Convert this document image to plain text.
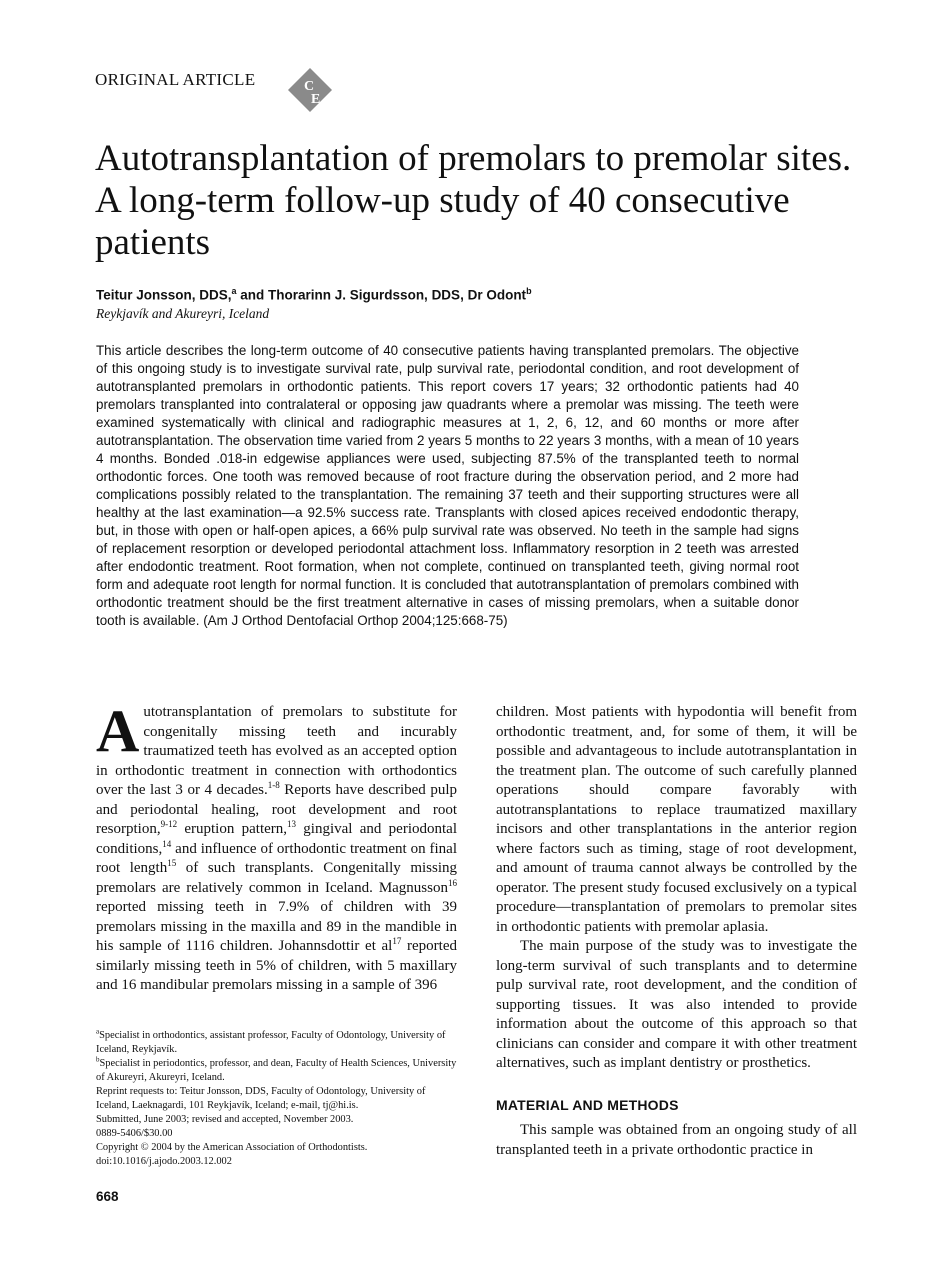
ORIGINAL ARTICLE	C
E
Autotransplantation of premolars to premolar sites. A long-term follow-up study of 40 consecutive patients
Teitur Jonsson, DDS,$^a$ and Thorarinn J. Sigurdsson, DDS, Dr Odont$^b$
Reykjavík and Akureyri, Iceland

This article describes the long-term outcome of 40 consecutive patients having transplanted premolars. The objective of this ongoing study is to investigate survival rate, pulp survival rate, periodontal condition, and root development of autotransplanted premolars in orthodontic patients. This report covers 17 years; 32 orthodontic patients had 40 premolars transplanted into contralateral or opposing jaw quadrants where a premolar was missing. The teeth were examined systematically with clinical and radiographic measures at 1, 2, 6, 12, and 60 months or more after autotransplantation. The observation time varied from 2 years 5 months to 22 years 3 months, with a mean of 10 years 4 months. Bonded .018-in edgewise appliances were used, subjecting 87.5% of the transplanted teeth to normal orthodontic forces. One tooth was removed because of root fracture during the observation period, and 2 more had complications possibly related to the transplantation. The remaining 37 teeth and their supporting structures were all healthy at the last examination—a 92.5% success rate. Transplants with closed apices received endodontic therapy, but, in those with open or half-open apices, a 66% pulp survival rate was observed. No teeth in the sample had signs of replacement resorption or developed periodontal attachment loss. Inflammatory resorption in 2 teeth was arrested after endodontic treatment. Root formation, when not complete, continued on transplanted teeth, giving normal root form and adequate root length for normal function. It is concluded that autotransplantation of premolars combined with orthodontic treatment should be the first treatment alternative in cases of missing premolars, when a suitable donor tooth is available. (Am J Orthod Dentofacial Orthop 2004;125:668-75)

Autotransplantation of premolars to substitute for congenitally missing teeth and incurably traumatized teeth has evolved as an accepted option in orthodontic treatment in connection with orthodontics over the last 3 or 4 decades.$^{1-8}$ Reports have described pulp and periodontal healing, root development and root resorption,$^{9-12}$ eruption pattern,$^{13}$ gingival and periodontal conditions,$^{14}$ and influence of orthodontic treatment on final root length$^{15}$ of such transplants. Congenitally missing premolars are relatively common in Iceland. Magnusson$^{16}$ reported missing teeth in 7.9% of children with 39 premolars missing in the maxilla and 89 in the mandible in his sample of 1116 children. Johannsdottir et al$^{17}$ reported similarly missing teeth in 5% of children, with 5 maxillary and 16 mandibular premolars missing in a sample of 396

$^a$Specialist in orthodontics, assistant professor, Faculty of Odontology, University of Iceland, Reykjavík.
$^b$Specialist in periodontics, professor, and dean, Faculty of Health Sciences, University of Akureyri, Akureyri, Iceland.
Reprint requests to: Teitur Jonsson, DDS, Faculty of Odontology, University of Iceland, Laeknagardi, 101 Reykjavík, Iceland; e-mail, tj@hi.is.
Submitted, June 2003; revised and accepted, November 2003.
0889-5406/$30.00
Copyright © 2004 by the American Association of Orthodontists.
doi:10.1016/j.ajodo.2003.12.002
668

children. Most patients with hypodontia will benefit from orthodontic treatment, and, for some of them, it will be possible and advantageous to include autotransplantation in the treatment plan. The outcome of such carefully planned operations should compare favorably with autotransplantations to replace traumatized maxillary incisors and other transplantations in the anterior region where factors such as timing, stage of root development, and amount of trauma cannot always be controlled by the operator. The present study focused exclusively on a typical procedure—transplantation of premolars to premolar sites in orthodontic patients with premolar aplasia.

The main purpose of the study was to investigate the long-term survival of such transplants and to determine pulp survival rate, root development, and the condition of supporting tissues. It was also intended to provide information about the outcome of this approach so that clinicians can consider and compare it with other treatment alternatives, such as implant dentistry or prosthetics.

MATERIAL AND METHODS

This sample was obtained from an ongoing study of all transplanted teeth in a private orthodontic practice in
